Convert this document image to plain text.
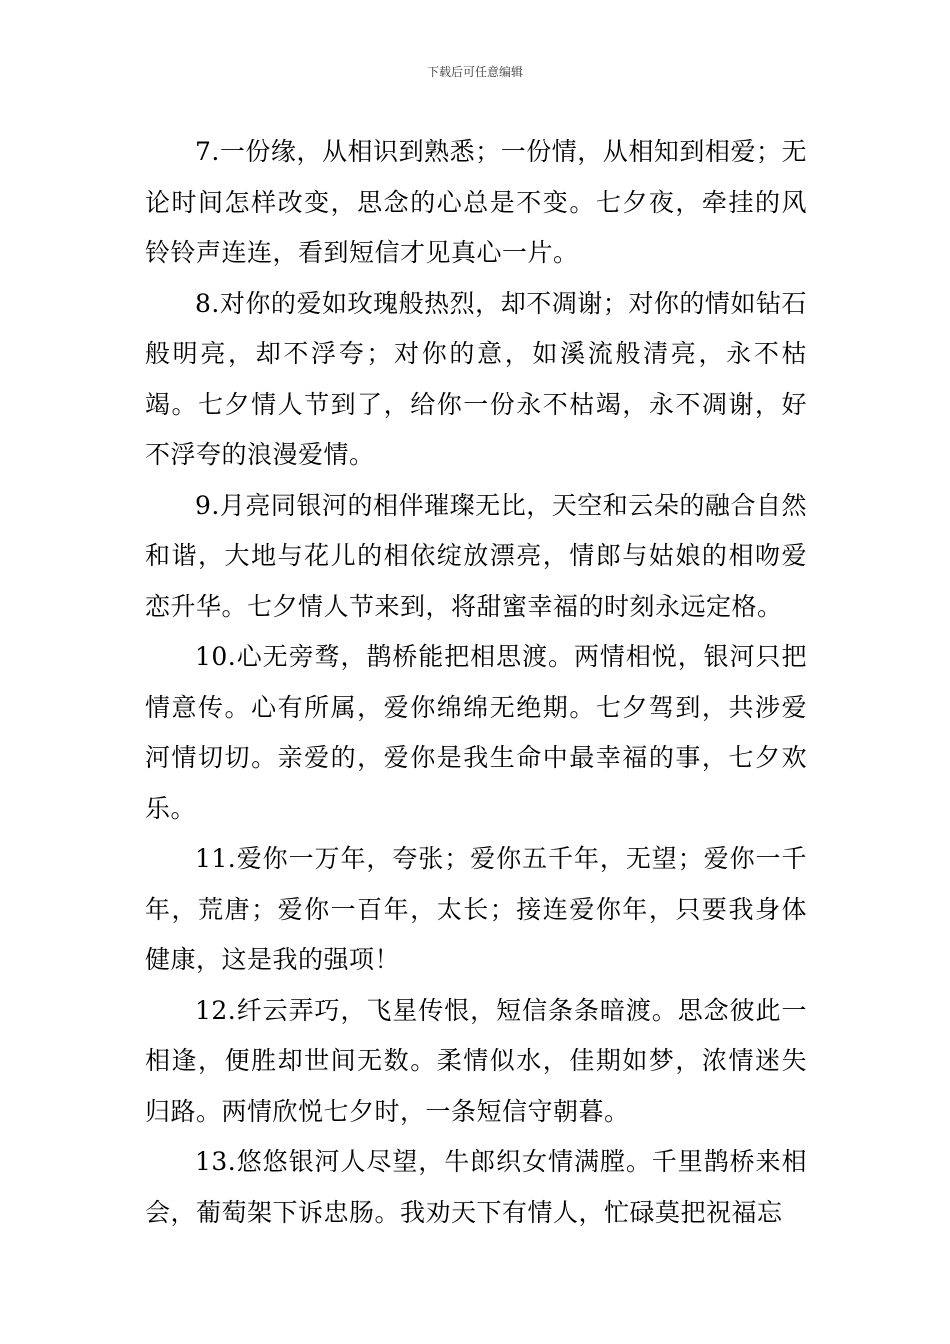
下载后可任意编辑

7.一份缘，从相识到熟悉；一份情，从相知到相爱；无论时间怎样改变，思念的心总是不变。七夕夜，牵挂的风铃铃声连连，看到短信才见真心一片。

8.对你的爱如玫瑰般热烈，却不凋谢；对你的情如钻石般明亮，却不浮夸；对你的意，如溪流般清亮，永不枯竭。七夕情人节到了，给你一份永不枯竭，永不凋谢，好不浮夸的浪漫爱情。

9.月亮同银河的相伴璀璨无比，天空和云朵的融合自然和谐，大地与花儿的相依绽放漂亮，情郎与姑娘的相吻爱恋升华。七夕情人节来到，将甜蜜幸福的时刻永远定格。

10.心无旁骛，鹊桥能把相思渡。两情相悦，银河只把情意传。心有所属，爱你绵绵无绝期。七夕驾到，共涉爱河情切切。亲爱的，爱你是我生命中最幸福的事，七夕欢乐。

11.爱你一万年，夸张；爱你五千年，无望；爱你一千年，荒唐；爱你一百年，太长；接连爱你年，只要我身体健康，这是我的强项！

12.纤云弄巧，飞星传恨，短信条条暗渡。思念彼此一相逢，便胜却世间无数。柔情似水，佳期如梦，浓情迷失归路。两情欣悦七夕时，一条短信守朝暮。

13.悠悠银河人尽望，牛郎织女情满膛。千里鹊桥来相会，葡萄架下诉忠肠。我劝天下有情人，忙碌莫把祝福忘
